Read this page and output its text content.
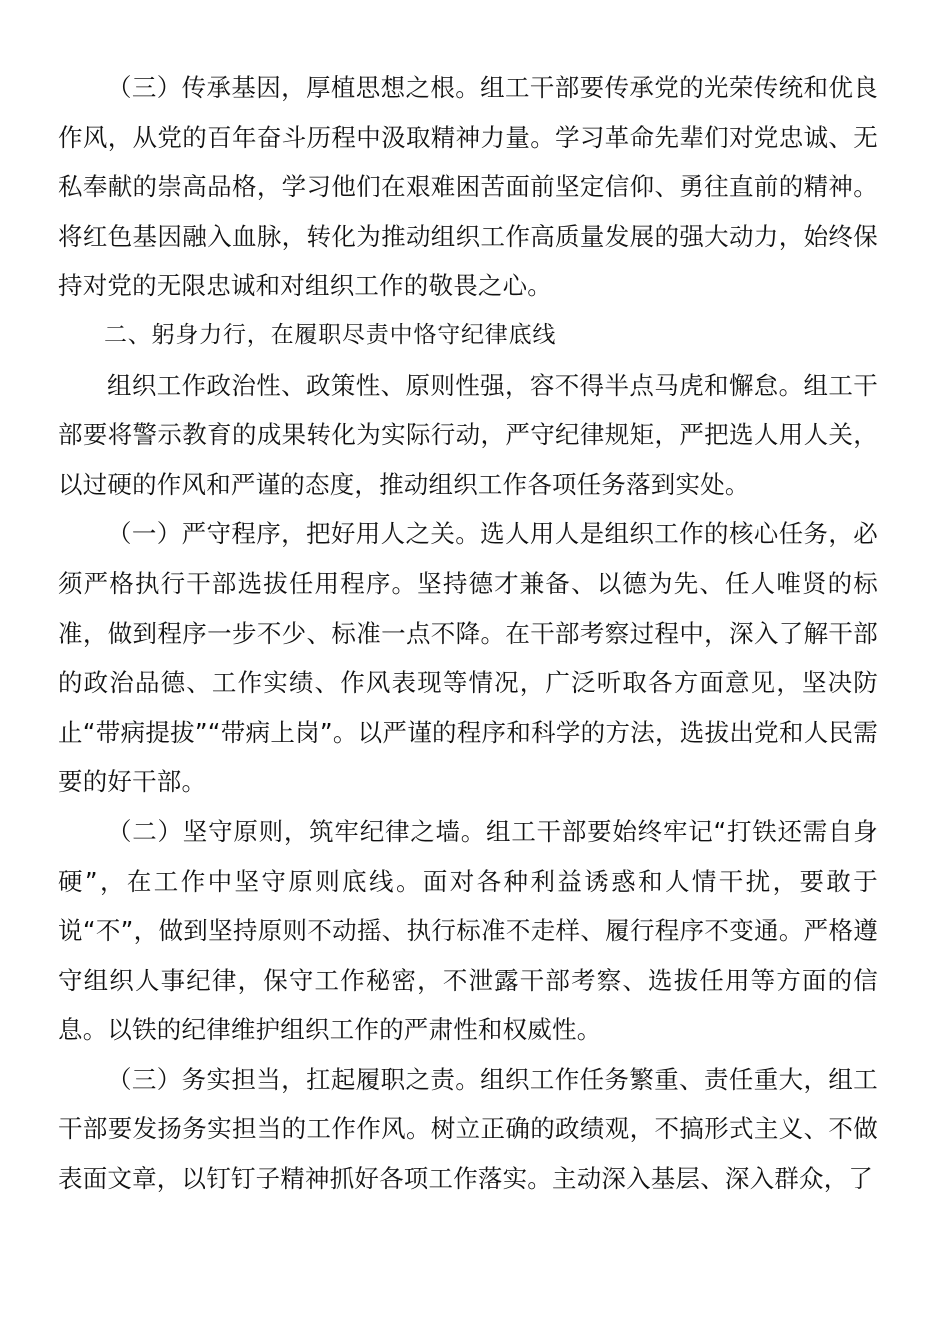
（三）传承基因，厚植思想之根。组工干部要传承党的光荣传统和优良作风，从党的百年奋斗历程中汲取精神力量。学习革命先辈们对党忠诚、无私奉献的崇高品格，学习他们在艰难困苦面前坚定信仰、勇往直前的精神。将红色基因融入血脉，转化为推动组织工作高质量发展的强大动力，始终保持对党的无限忠诚和对组织工作的敬畏之心。

二、躬身力行，在履职尽责中恪守纪律底线

组织工作政治性、政策性、原则性强，容不得半点马虎和懈怠。组工干部要将警示教育的成果转化为实际行动，严守纪律规矩，严把选人用人关，以过硬的作风和严谨的态度，推动组织工作各项任务落到实处。

（一）严守程序，把好用人之关。选人用人是组织工作的核心任务，必须严格执行干部选拔任用程序。坚持德才兼备、以德为先、任人唯贤的标准，做到程序一步不少、标准一点不降。在干部考察过程中，深入了解干部的政治品德、工作实绩、作风表现等情况，广泛听取各方面意见，坚决防止“带病提拔”“带病上岗”。以严谨的程序和科学的方法，选拔出党和人民需要的好干部。

（二）坚守原则，筑牢纪律之墙。组工干部要始终牢记“打铁还需自身硬”，在工作中坚守原则底线。面对各种利益诱惑和人情干扰，要敢于说“不”，做到坚持原则不动摇、执行标准不走样、履行程序不变通。严格遵守组织人事纪律，保守工作秘密，不泄露干部考察、选拔任用等方面的信息。以铁的纪律维护组织工作的严肃性和权威性。

（三）务实担当，扛起履职之责。组织工作任务繁重、责任重大，组工干部要发扬务实担当的工作作风。树立正确的政绩观，不搞形式主义、不做表面文章，以钉钉子精神抓好各项工作落实。主动深入基层、深入群众，了
